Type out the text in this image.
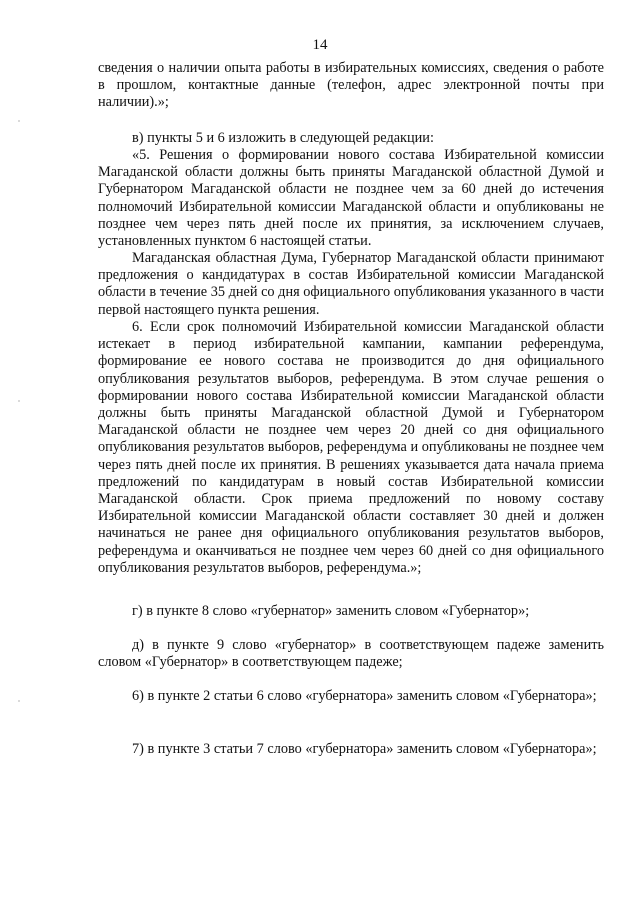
14

сведения о наличии опыта работы в избирательных комиссиях, сведения о работе в прошлом, контактные данные (телефон, адрес электронной почты при наличии).»;

в) пункты 5 и 6 изложить в следующей редакции:

«5. Решения о формировании нового состава Избирательной комиссии Магаданской области должны быть приняты Магаданской областной Думой и Губернатором Магаданской области не позднее чем за 60 дней до истечения полномочий Избирательной комиссии Магаданской области и опубликованы не позднее чем через пять дней после их принятия, за исключением случаев, установленных пунктом 6 настоящей статьи.

Магаданская областная Дума, Губернатор Магаданской области принимают предложения о кандидатурах в состав Избирательной комиссии Магаданской области в течение 35 дней со дня официального опубликования указанного в части первой настоящего пункта решения.

6. Если срок полномочий Избирательной комиссии Магаданской области истекает в период избирательной кампании, кампании референдума, формирование ее нового состава не производится до дня официального опубликования результатов выборов, референдума. В этом случае решения о формировании нового состава Избирательной комиссии Магаданской области должны быть приняты Магаданской областной Думой и Губернатором Магаданской области не позднее чем через 20 дней со дня официального опубликования результатов выборов, референдума и опубликованы не позднее чем через пять дней после их принятия. В решениях указывается дата начала приема предложений по кандидатурам в новый состав Избирательной комиссии Магаданской области. Срок приема предложений по новому составу Избирательной комиссии Магаданской области составляет 30 дней и должен начинаться не ранее дня официального опубликования результатов выборов, референдума и оканчиваться не позднее чем через 60 дней со дня официального опубликования результатов выборов, референдума.»;

г) в пункте 8 слово «губернатор» заменить словом «Губернатор»;

д) в пункте 9 слово «губернатор» в соответствующем падеже заменить словом «Губернатор» в соответствующем падеже;

6) в пункте 2 статьи 6 слово «губернатора» заменить словом «Губернатора»;

7) в пункте 3 статьи 7 слово «губернатора» заменить словом «Губернатора»;
